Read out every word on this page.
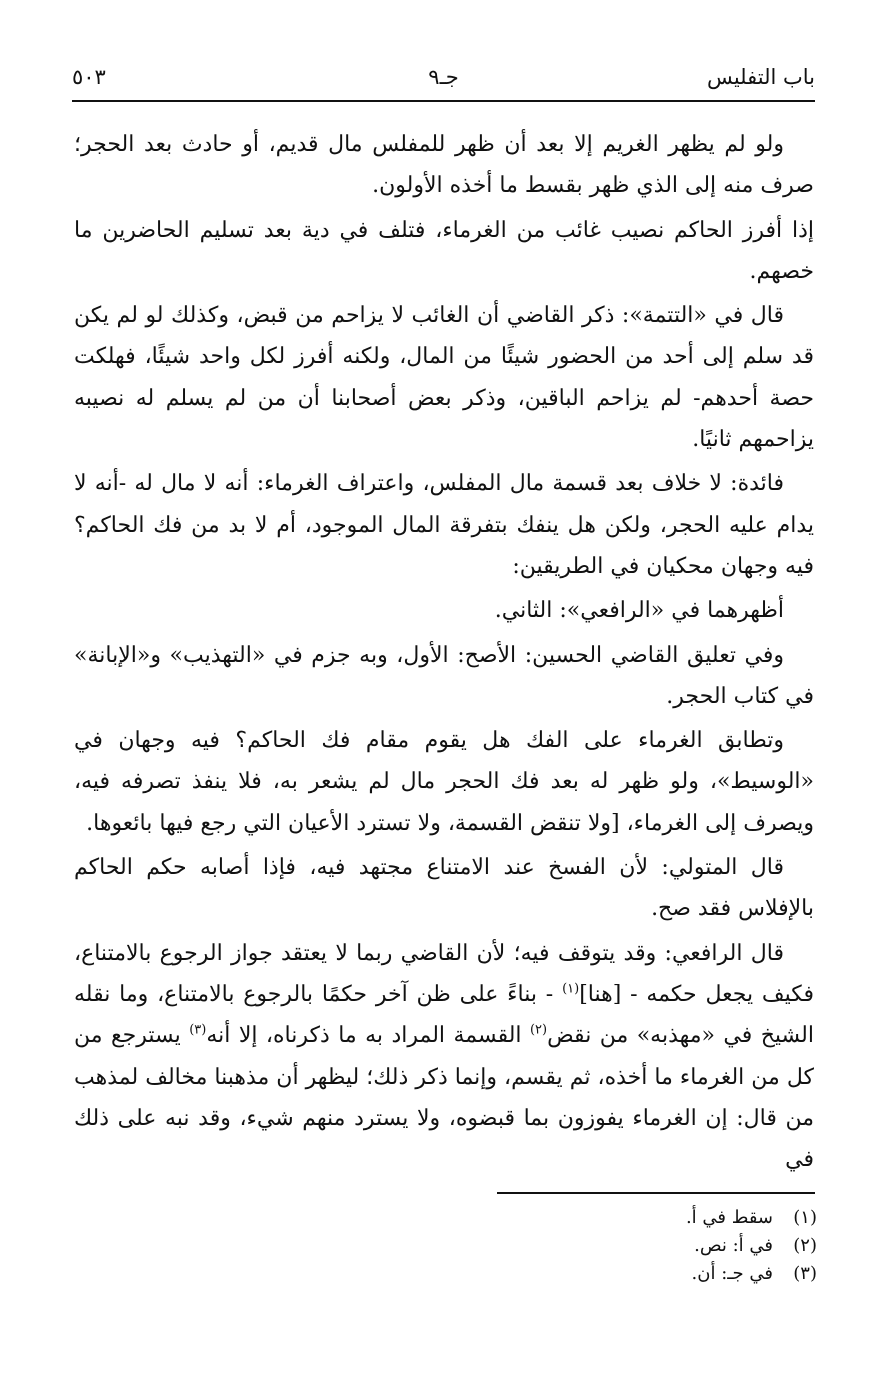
باب التفليس
جـ٩
٥٠٣

ولو لم يظهر الغريم إلا بعد أن ظهر للمفلس مال قديم، أو حادث بعد الحجر؛ صرف منه إلى الذي ظهر بقسط ما أخذه الأولون.

إذا أفرز الحاكم نصيب غائب من الغرماء، فتلف في دية بعد تسليم الحاضرين ما خصهم.

قال في «التتمة»: ذكر القاضي أن الغائب لا يزاحم من قبض، وكذلك لو لم يكن قد سلم إلى أحد من الحضور شيئًا من المال، ولكنه أفرز لكل واحد شيئًا، فهلكت حصة أحدهم- لم يزاحم الباقين، وذكر بعض أصحابنا أن من لم يسلم له نصيبه يزاحمهم ثانيًا.

فائدة: لا خلاف بعد قسمة مال المفلس، واعتراف الغرماء: أنه لا مال له -أنه لا يدام عليه الحجر، ولكن هل ينفك بتفرقة المال الموجود، أم لا بد من فك الحاكم؟ فيه وجهان محكيان في الطريقين:

أظهرهما في «الرافعي»: الثاني.

وفي تعليق القاضي الحسين: الأصح: الأول، وبه جزم في «التهذيب» و«الإبانة» في كتاب الحجر.

وتطابق الغرماء على الفك هل يقوم مقام فك الحاكم؟ فيه وجهان في «الوسيط»، ولو ظهر له بعد فك الحجر مال لم يشعر به، فلا ينفذ تصرفه فيه، ويصرف إلى الغرماء، [ولا تنقض القسمة، ولا تسترد الأعيان التي رجع فيها بائعوها.

قال المتولي: لأن الفسخ عند الامتناع مجتهد فيه، فإذا أصابه حكم الحاكم بالإفلاس فقد صح.

قال الرافعي: وقد يتوقف فيه؛ لأن القاضي ربما لا يعتقد جواز الرجوع بالامتناع، فكيف يجعل حكمه - [هنا]$^{(١)}$ - بناءً على ظن آخر حكمًا بالرجوع بالامتناع، وما نقله الشيخ في «مهذبه» من نقض$^{(٢)}$ القسمة المراد به ما ذكرناه، إلا أنه$^{(٣)}$ يسترجع من كل من الغرماء ما أخذه، ثم يقسم، وإنما ذكر ذلك؛ ليظهر أن مذهبنا مخالف لمذهب من قال: إن الغرماء يفوزون بما قبضوه، ولا يسترد منهم شيء، وقد نبه على ذلك في

(١)
سقط في أ.
(٢)
في أ: نص.
(٣)
في جـ: أن.
